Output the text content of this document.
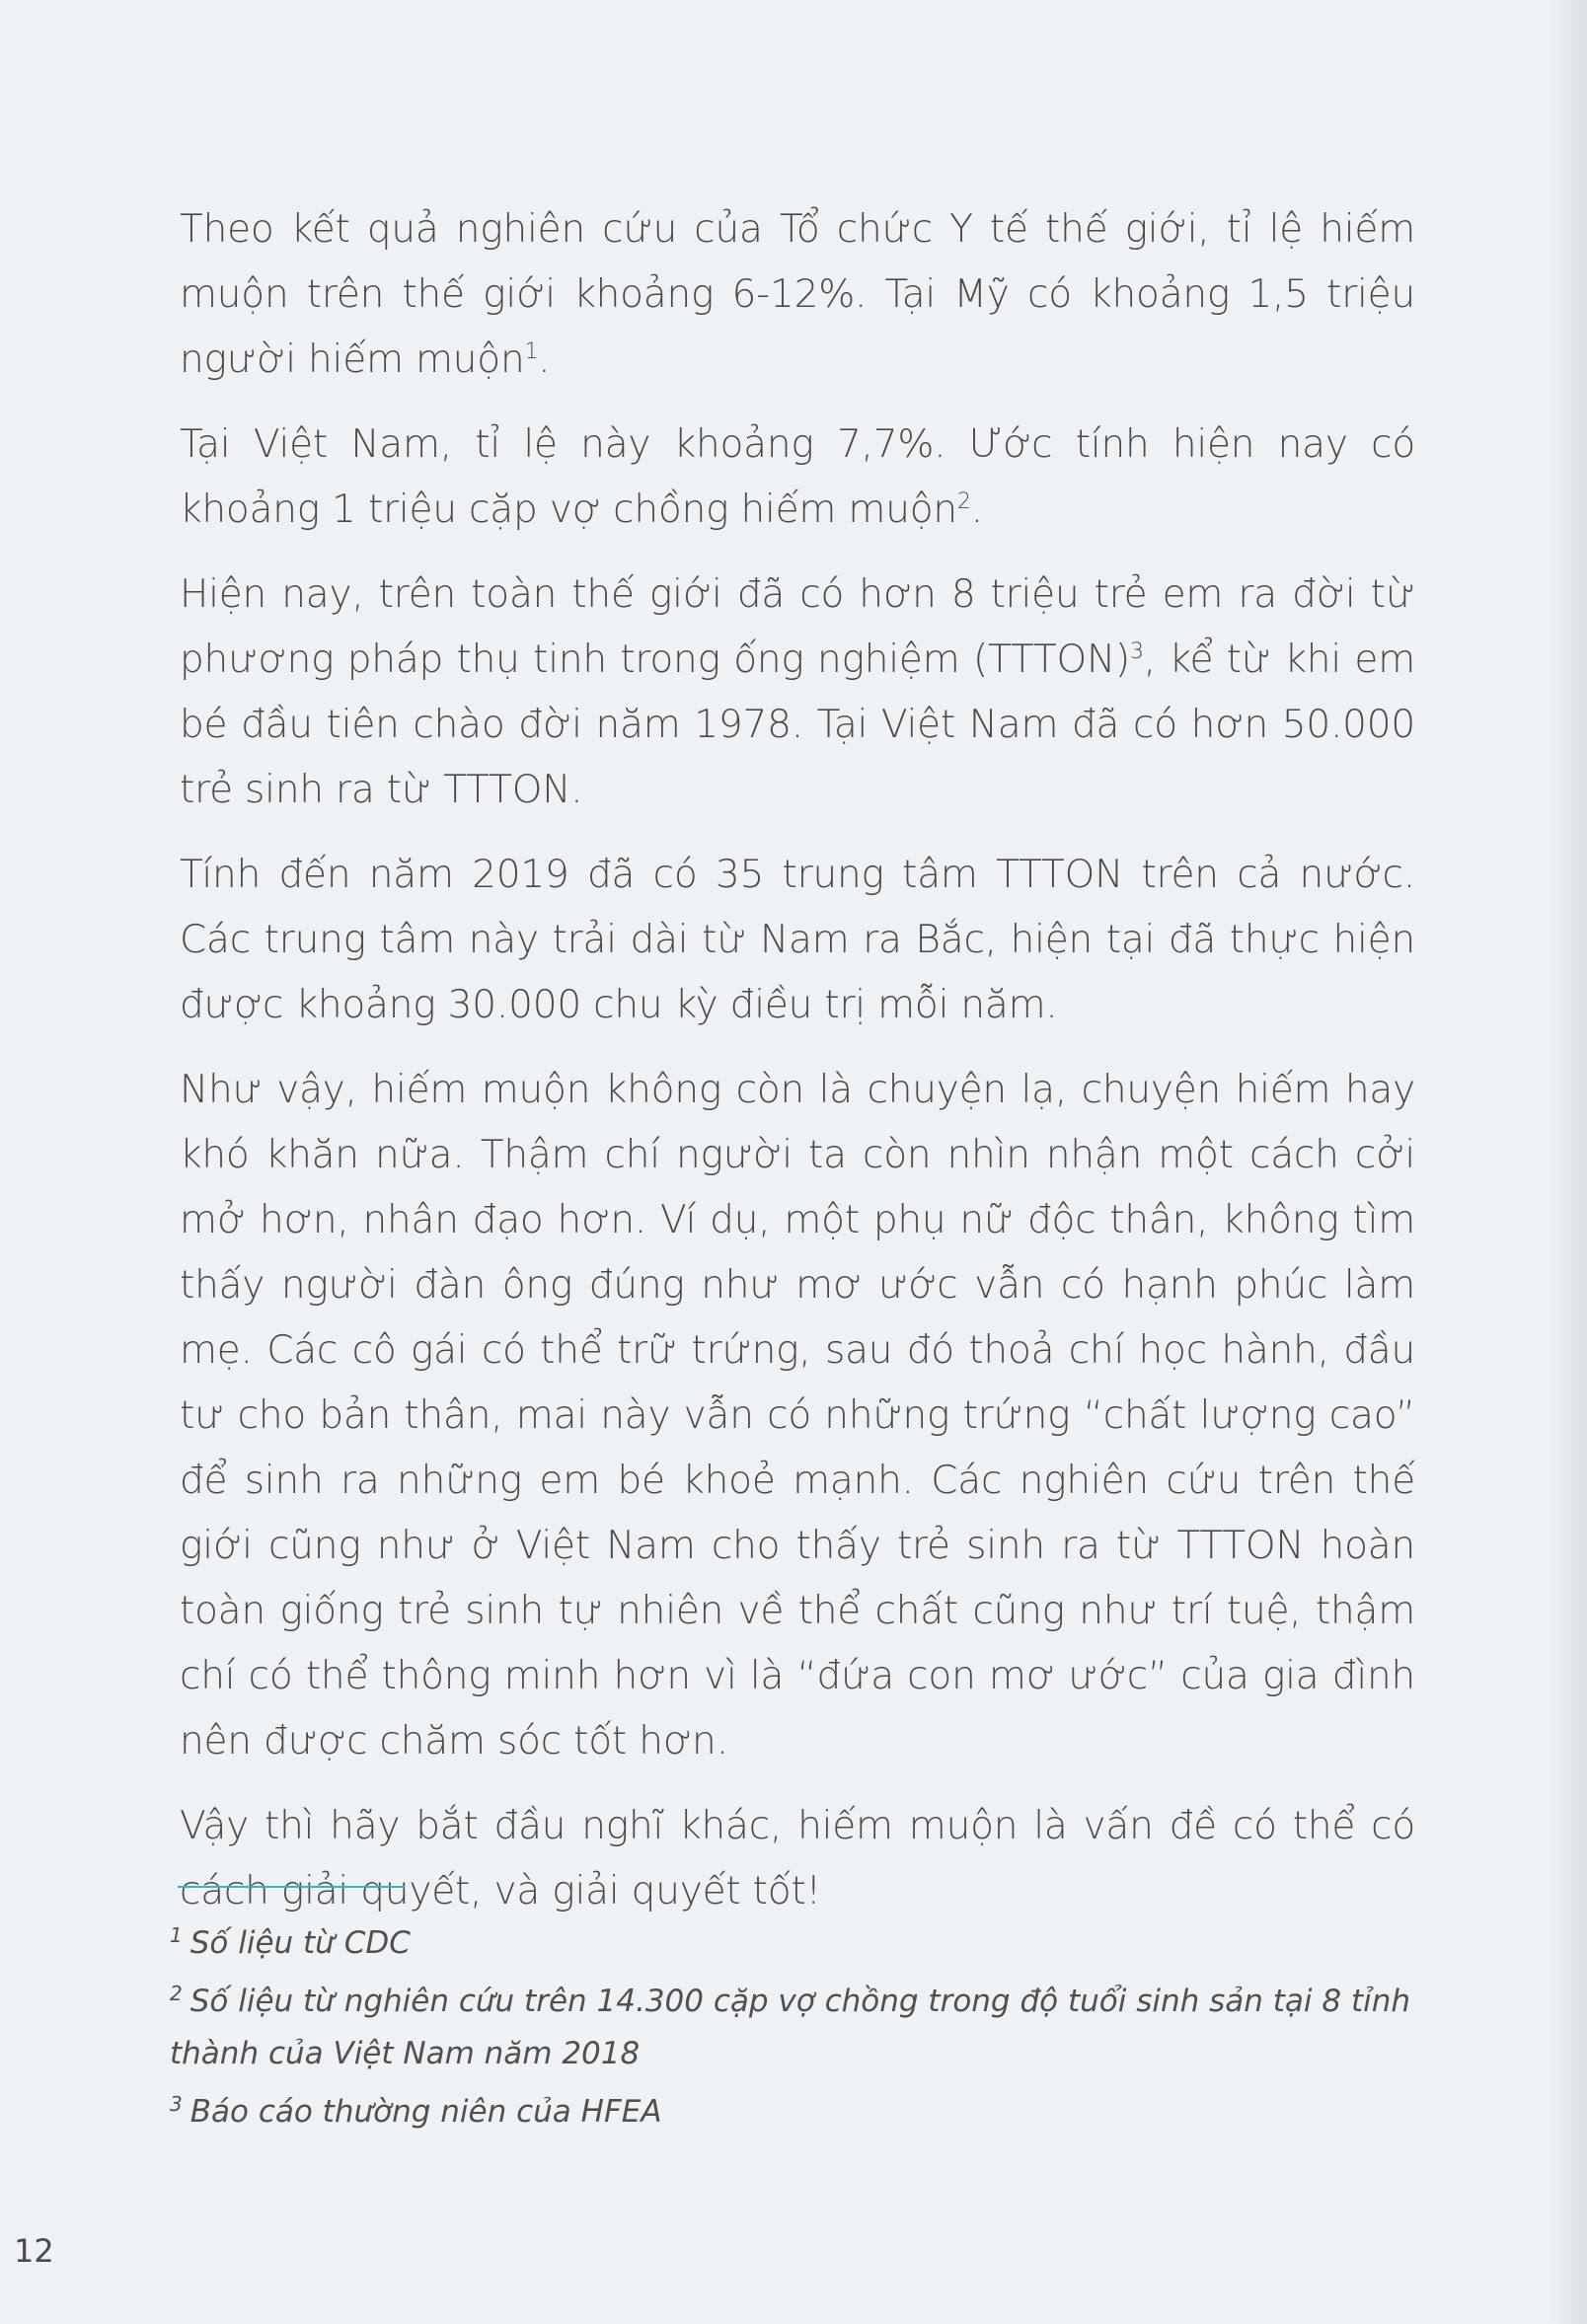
Theo kết quả nghiên cứu của Tổ chức Y tế thế giới, tỉ lệ hiếm muộn trên thế giới khoảng 6-12%. Tại Mỹ có khoảng 1,5 triệu người hiếm muộn$^1$.

Tại Việt Nam, tỉ lệ này khoảng 7,7%. Ước tính hiện nay có khoảng 1 triệu cặp vợ chồng hiếm muộn$^2$.

Hiện nay, trên toàn thế giới đã có hơn 8 triệu trẻ em ra đời từ phương pháp thụ tinh trong ống nghiệm (TTTON)$^3$, kể từ khi em bé đầu tiên chào đời năm 1978. Tại Việt Nam đã có hơn 50.000 trẻ sinh ra từ TTTON.

Tính đến năm 2019 đã có 35 trung tâm TTTON trên cả nước. Các trung tâm này trải dài từ Nam ra Bắc, hiện tại đã thực hiện được khoảng 30.000 chu kỳ điều trị mỗi năm.

Như vậy, hiếm muộn không còn là chuyện lạ, chuyện hiếm hay khó khăn nữa. Thậm chí người ta còn nhìn nhận một cách cởi mở hơn, nhân đạo hơn. Ví dụ, một phụ nữ độc thân, không tìm thấy người đàn ông đúng như mơ ước vẫn có hạnh phúc làm mẹ. Các cô gái có thể trữ trứng, sau đó thoả chí học hành, đầu tư cho bản thân, mai này vẫn có những trứng “chất lượng cao” để sinh ra những em bé khoẻ mạnh. Các nghiên cứu trên thế giới cũng như ở Việt Nam cho thấy trẻ sinh ra từ TTTON hoàn toàn giống trẻ sinh tự nhiên về thể chất cũng như trí tuệ, thậm chí có thể thông minh hơn vì là “đứa con mơ ước” của gia đình nên được chăm sóc tốt hơn.

Vậy thì hãy bắt đầu nghĩ khác, hiếm muộn là vấn đề có thể có cách giải quyết, và giải quyết tốt!

$^1$ Số liệu từ CDC

$^2$ Số liệu từ nghiên cứu trên 14.300 cặp vợ chồng trong độ tuổi sinh sản tại 8 tỉnh thành của Việt Nam năm 2018

$^3$ Báo cáo thường niên của HFEA

12
